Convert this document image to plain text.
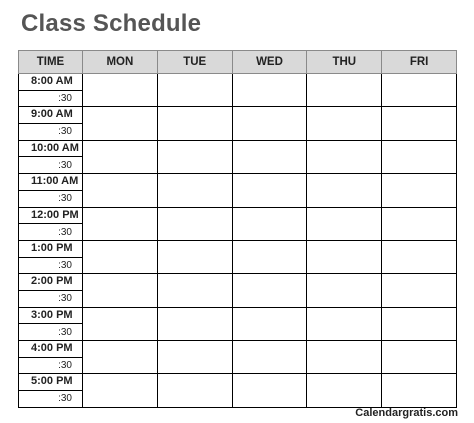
Class Schedule
TIME	MON	TUE	WED	THU	FRI
8:00 AM					
:30					
9:00 AM					
:30					
10:00 AM					
:30					
11:00 AM					
:30					
12:00 PM					
:30					
1:00 PM					
:30					
2:00 PM					
:30					
3:00 PM					
:30					
4:00 PM					
:30					
5:00 PM					
:30					
Calendargratis.com
